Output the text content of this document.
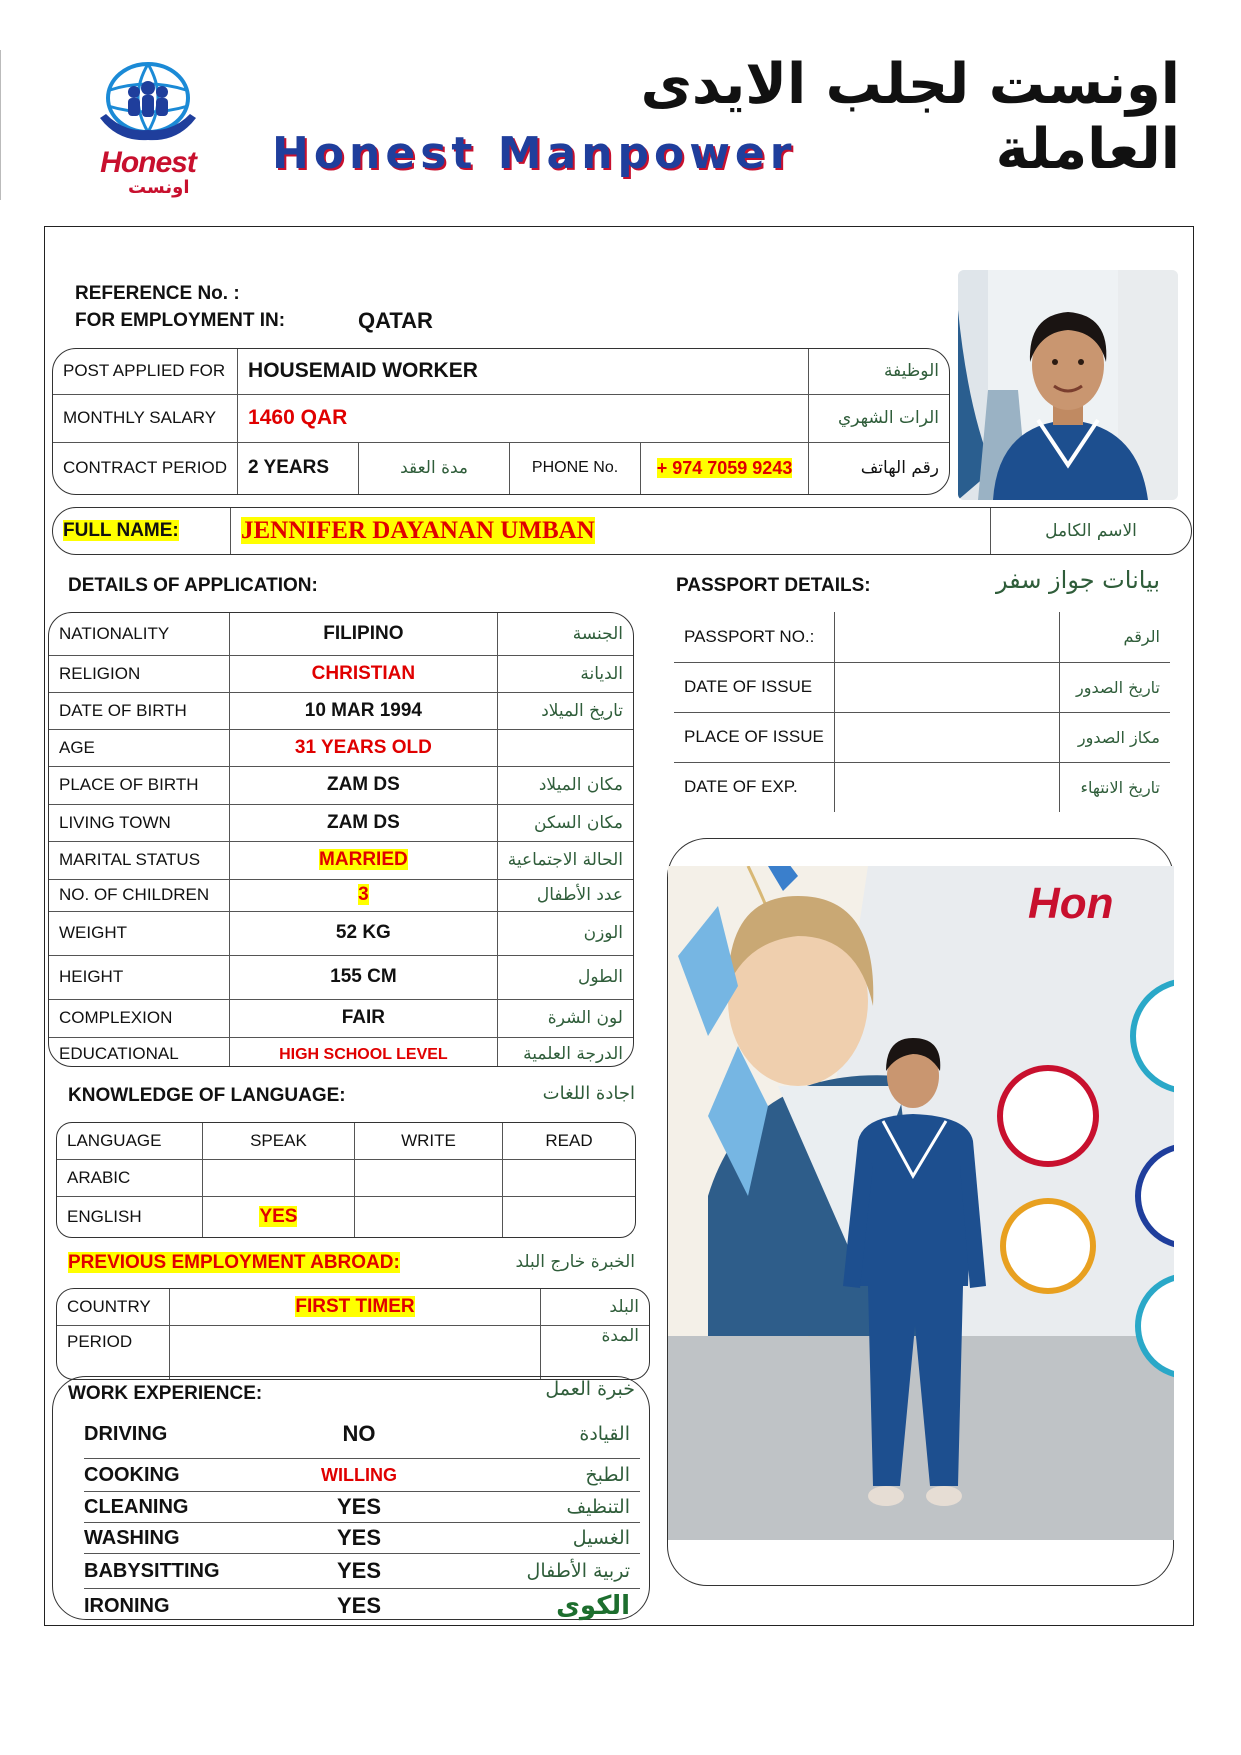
Honest
اونست
اونست لجلب الايدى العاملة
Honest Manpower
REFERENCE No. :
FOR EMPLOYMENT IN:	QATAR
POST APPLIED FOR	HOUSEMAID WORKER				الوظيفة
MONTHLY SALARY	1460 QAR				الرات الشهري
CONTRACT PERIOD	2 YEARS	مدة العقد	PHONE No.	+ 974 7059 9243	رقم الهاتف
FULL NAME:	JENNIFER DAYANAN UMBAN	الاسم الكامل
DETAILS OF APPLICATION:
NATIONALITY	FILIPINO	الجنسة
RELIGION	CHRISTIAN	الديانة
DATE OF BIRTH	10 MAR 1994	تاريخ الميلاد
AGE	31 YEARS OLD	
PLACE OF BIRTH	ZAM DS	مكان الميلاد
LIVING TOWN	ZAM DS	مكان السكن
MARITAL STATUS	MARRIED	الحالة الاجتماعية
NO. OF CHILDREN	3	عدد الأطفال
WEIGHT	52 KG	الوزن
HEIGHT	155 CM	الطول
COMPLEXION	FAIR	لون الشرة
EDUCATIONAL	HIGH SCHOOL LEVEL	الدرجة العلمية
PASSPORT DETAILS:	بيانات جواز سفر
PASSPORT NO.:		الرقم
DATE OF ISSUE		تاريخ الصدور
PLACE OF ISSUE		مكاز الصدور
DATE OF EXP.		تاريخ الانتهاء
Hon
KNOWLEDGE OF LANGUAGE:	اجادة اللغات
LANGUAGE	SPEAK	WRITE	READ
ARABIC			
ENGLISH	YES		
PREVIOUS EMPLOYMENT ABROAD:	الخبرة خارج البلد
COUNTRY	FIRST TIMER	البلد
PERIOD		المدة
WORK EXPERIENCE:	خبرة العمل
DRIVING	NO	القيادة
COOKING	WILLING	الطبخ
CLEANING	YES	التنظيف
WASHING	YES	الغسيل
BABYSITTING	YES	تربية الأطفال
IRONING	YES	الكوى
